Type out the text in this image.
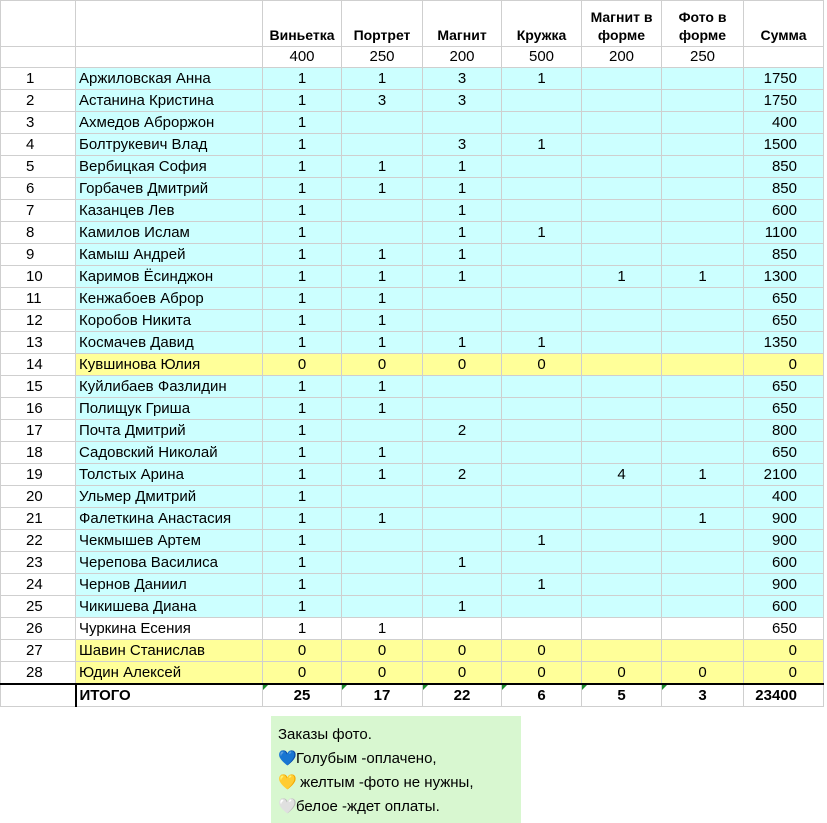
		Виньетка	Портрет	Магнит	Кружка	Магнит в форме	Фото в форме	Сумма
		400	250	200	500	200	250	
1	Аржиловская Анна	1	1	3	1			1750
2	Астанина Кристина	1	3	3				1750
3	Ахмедов Аброржон	1						400
4	Болтрукевич Влад	1		3	1			1500
5	Вербицкая София	1	1	1				850
6	Горбачев Дмитрий	1	1	1				850
7	Казанцев Лев	1		1				600
8	Камилов Ислам	1		1	1			1100
9	Камыш Андрей	1	1	1				850
10	Каримов Ёсинджон	1	1	1		1	1	1300
11	Кенжабоев Аброр	1	1					650
12	Коробов Никита	1	1					650
13	Космачев Давид	1	1	1	1			1350
14	Кувшинова Юлия	0	0	0	0			0
15	Куйлибаев Фазлидин	1	1					650
16	Полищук Гриша	1	1					650
17	Почта Дмитрий	1		2				800
18	Садовский Николай	1	1					650
19	Толстых Арина	1	1	2		4	1	2100
20	Ульмер Дмитрий	1						400
21	Фалеткина Анастасия	1	1				1	900
22	Чекмышев Артем	1			1			900
23	Черепова Василиса	1		1				600
24	Чернов Даниил	1			1			900
25	Чикишева Диана	1		1				600
26	Чуркина Есения	1	1					650
27	Шавин Станислав	0	0	0	0			0
28	Юдин Алексей	0	0	0	0	0	0	0
	ИТОГО	25	17	22	6	5	3	23400
Заказы фото.
💙Голубым -оплачено,
💛 желтым -фото не нужны,
🤍белое -ждет оплаты.
